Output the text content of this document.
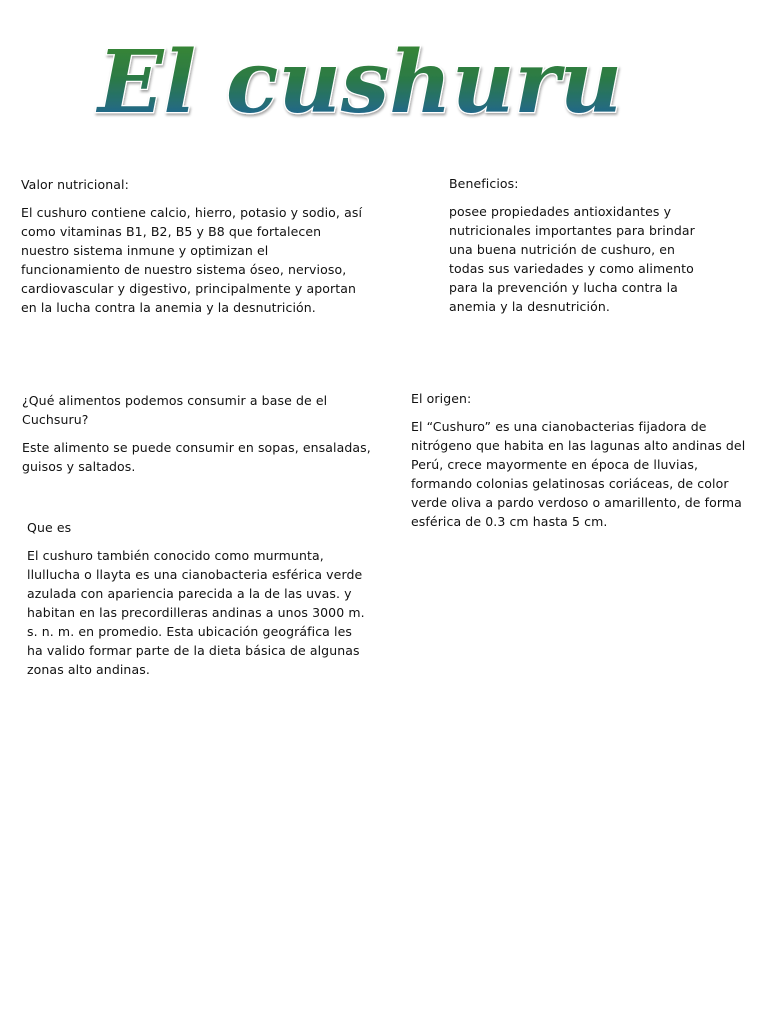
El cushuru

Valor nutricional:

El cushuro contiene calcio, hierro, potasio y sodio, así como vitaminas B1, B2, B5 y B8 que fortalecen nuestro sistema inmune y optimizan el funcionamiento de nuestro sistema óseo, nervioso, cardiovascular y digestivo, principalmente y aportan en la lucha contra la anemia y la desnutrición.

Beneficios:

posee propiedades antioxidantes y nutricionales importantes para brindar una buena nutrición de cushuro, en todas sus variedades y como alimento para la prevención y lucha contra la anemia y la desnutrición.

¿Qué alimentos podemos consumir a base de el Cuchsuru?

Este alimento se puede consumir en sopas, ensaladas, guisos y saltados.

El origen:

El “Cushuro” es una cianobacterias fijadora de nitrógeno que habita en las lagunas alto andinas del Perú, crece mayormente en época de lluvias, formando colonias gelatinosas coriáceas, de color verde oliva a pardo verdoso o amarillento, de forma esférica de 0.3 cm hasta 5 cm.

Que es

El cushuro también conocido como murmunta, llullucha o llayta es una cianobacteria esférica verde azulada con apariencia parecida a la de las uvas. y habitan en las precordilleras andinas a unos 3000 m. s. n. m. en promedio. Esta ubicación geográfica les ha valido formar parte de la dieta básica de algunas zonas alto andinas.
